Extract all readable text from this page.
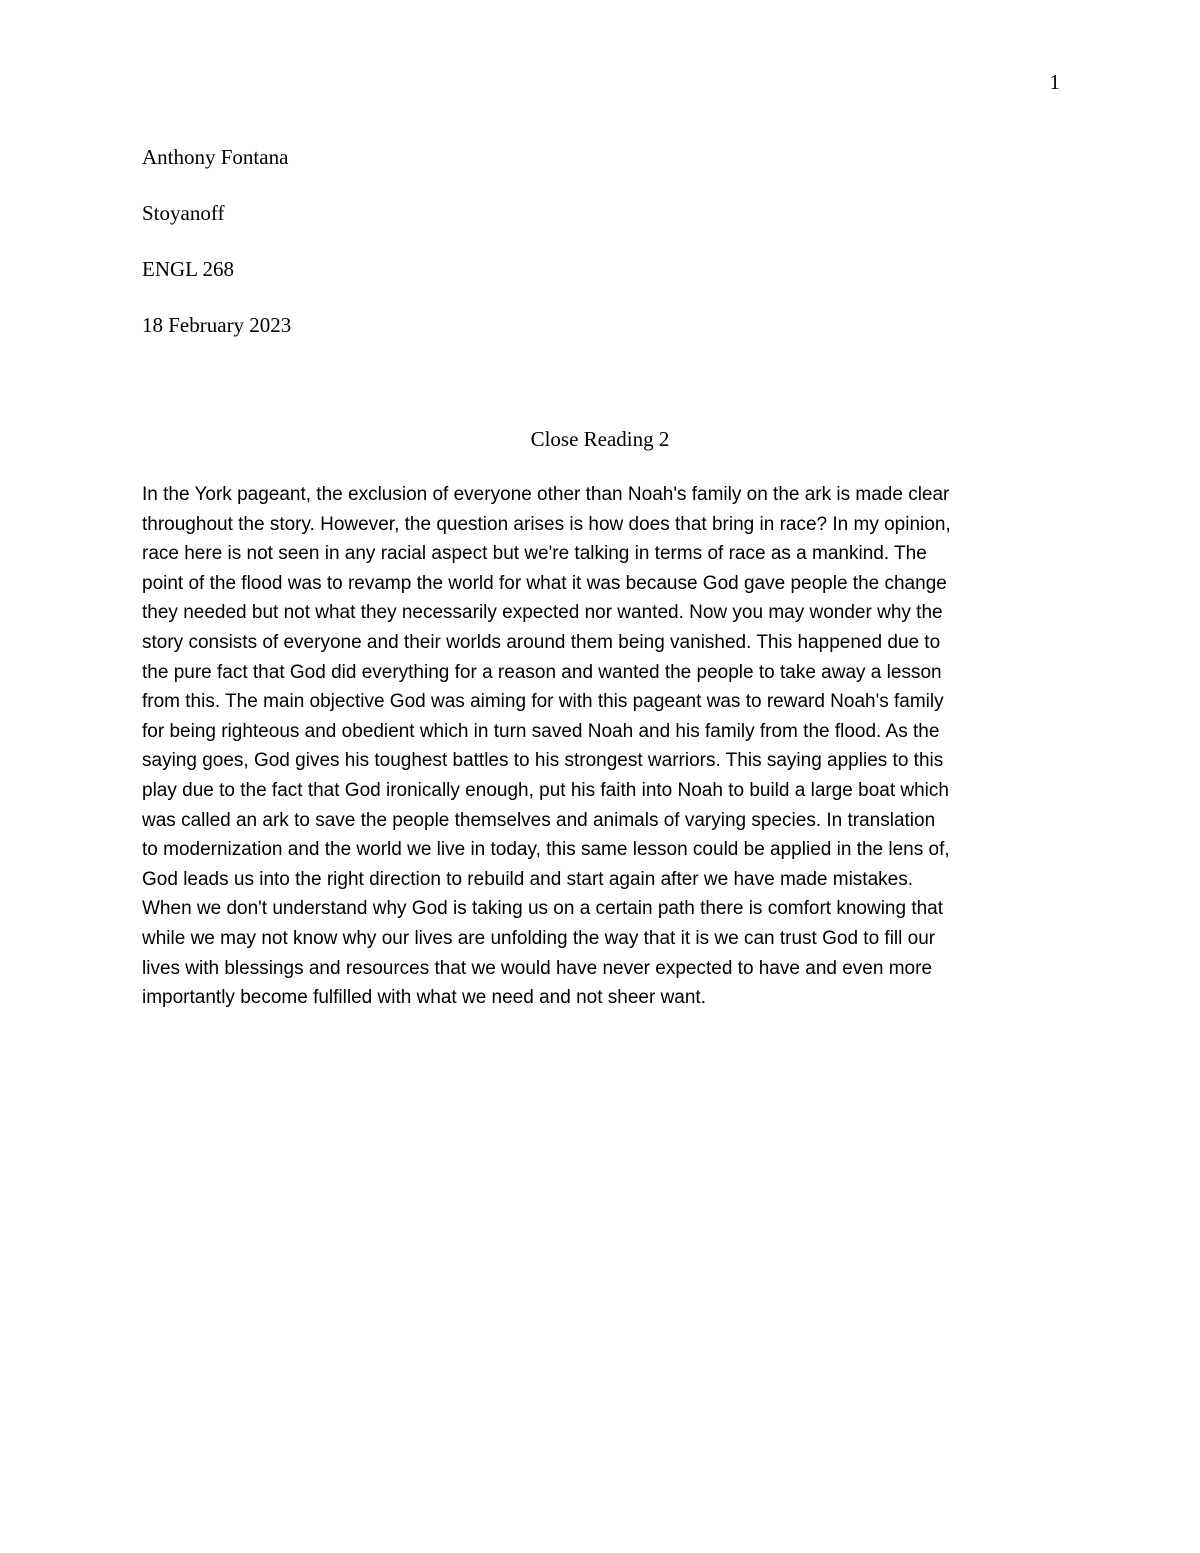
1
Anthony Fontana
Stoyanoff
ENGL 268
18 February 2023
Close Reading 2

In the York pageant, the exclusion of everyone other than Noah's family on the ark is made clear
throughout the story. However, the question arises is how does that bring in race? In my opinion,
race here is not seen in any racial aspect but we're talking in terms of race as a mankind. The
point of the flood was to revamp the world for what it was because God gave people the change
they needed but not what they necessarily expected nor wanted. Now you may wonder why the
story consists of everyone and their worlds around them being vanished. This happened due to
the pure fact that God did everything for a reason and wanted the people to take away a lesson
from this. The main objective God was aiming for with this pageant was to reward Noah's family
for being righteous and obedient which in turn saved Noah and his family from the flood. As the
saying goes, God gives his toughest battles to his strongest warriors. This saying applies to this
play due to the fact that God ironically enough, put his faith into Noah to build a large boat which
was called an ark to save the people themselves and animals of varying species. In translation
to modernization and the world we live in today, this same lesson could be applied in the lens of,
God leads us into the right direction to rebuild and start again after we have made mistakes.
When we don't understand why God is taking us on a certain path there is comfort knowing that
while we may not know why our lives are unfolding the way that it is we can trust God to fill our
lives with blessings and resources that we would have never expected to have and even more
importantly become fulfilled with what we need and not sheer want.
